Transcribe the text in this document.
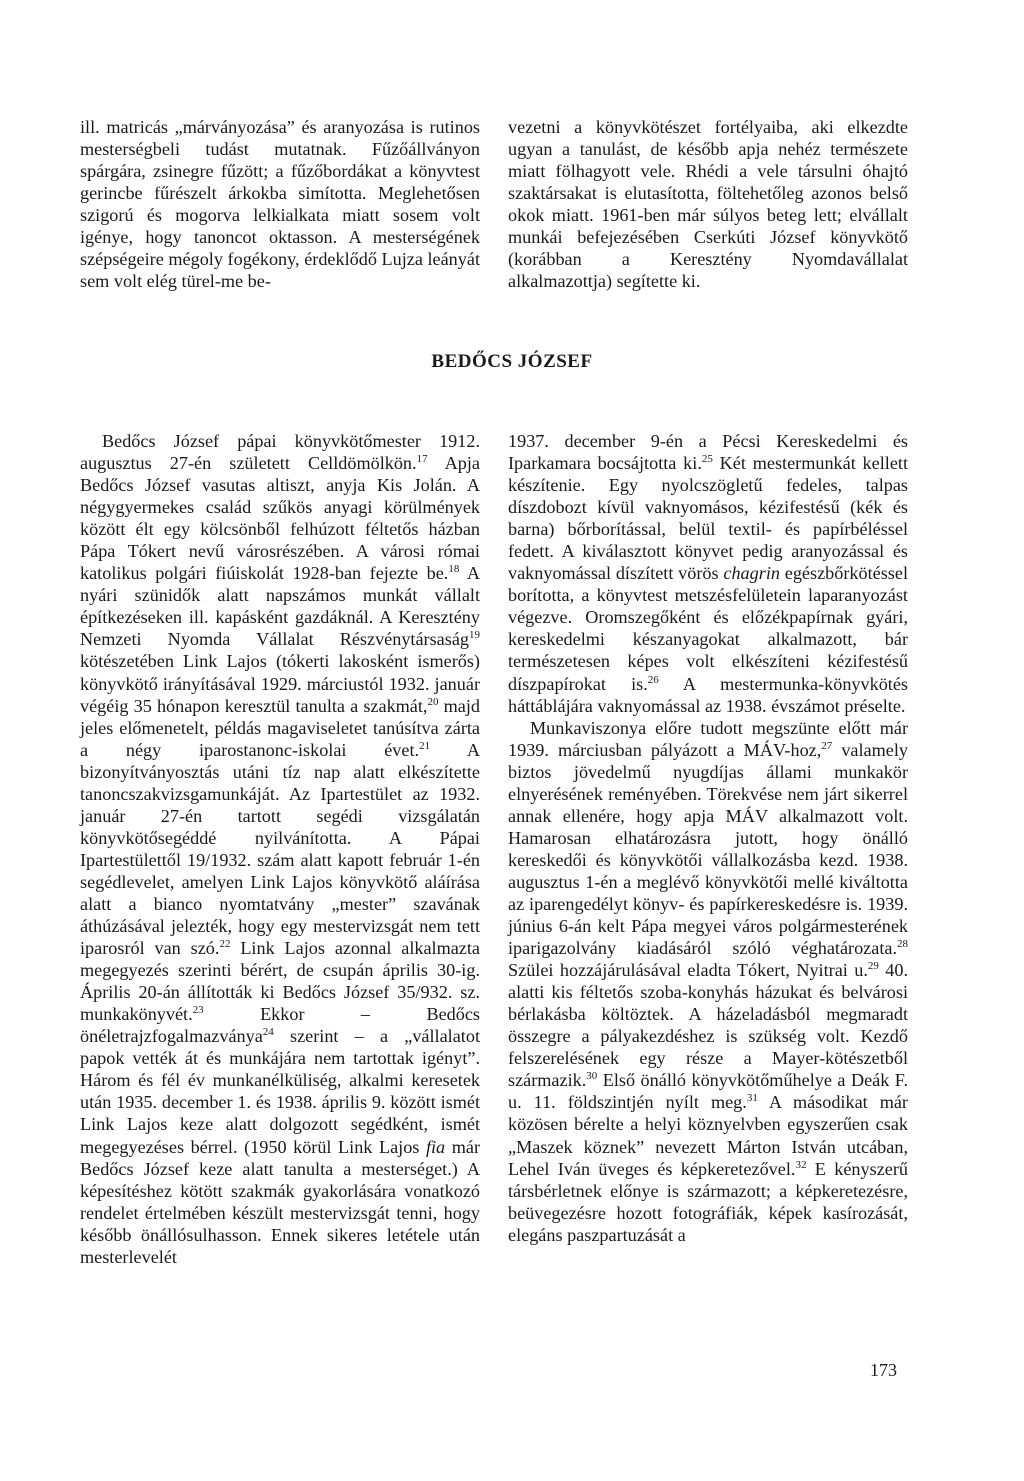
ill. matricás „márványozása” és aranyozása is rutinos mesterségbeli tudást mutatnak. Fűzőállványon spárgára, zsinegre fűzött; a fűzőbordákat a könyvtest gerincbe fűrészelt árkokba simította. Meglehetősen szigorú és mogorva lelkialkata miatt sosem volt igénye, hogy tanoncot oktasson. A mesterségének szépségeire mégoly fogékony, érdeklődő Lujza leányát sem volt elég türel-me be-

vezetni a könyvkötészet fortélyaiba, aki elkezdte ugyan a tanulást, de később apja nehéz természete miatt fölhagyott vele. Rhédi a vele társulni óhajtó szaktársakat is elutasította, föltehetőleg azonos belső okok miatt. 1961-ben már súlyos beteg lett; elvállalt munkái befejezésében Cserkúti József könyvkötő (korábban a Keresztény Nyomdavállalat alkalmazottja) segítette ki.

BEDŐCS JÓZSEF

Bedőcs József pápai könyvkötőmester 1912. augusztus 27-én született Celldömölkön.$^{17}$ Apja Bedőcs József vasutas altiszt, anyja Kis Jolán. A négygyermekes család szűkös anyagi körülmények között élt egy kölcsönből felhúzott féltetős házban Pápa Tókert nevű városrészében. A városi római katolikus polgári fiúiskolát 1928-ban fejezte be.$^{18}$ A nyári szünidők alatt napszámos munkát vállalt építkezéseken ill. kapásként gazdáknál. A Keresztény Nemzeti Nyomda Vállalat Részvénytársaság$^{19}$ kötészetében Link Lajos (tókerti lakosként ismerős) könyvkötő irányításával 1929. márciustól 1932. január végéig 35 hónapon keresztül tanulta a szakmát,$^{20}$ majd jeles előmenetelt, példás magaviseletet tanúsítva zárta a négy iparostanonc-iskolai évet.$^{21}$ A bizonyítványosztás utáni tíz nap alatt elkészítette tanoncszakvizsgamunkáját. Az Ipartestület az 1932. január 27-én tartott segédi vizsgálatán könyvkötősegéddé nyilvánította. A Pápai Ipartestülettől 19/1932. szám alatt kapott február 1-én segédlevelet, amelyen Link Lajos könyvkötő aláírása alatt a bianco nyomtatvány „mester” szavának áthúzásával jelezték, hogy egy mestervizsgát nem tett iparosról van szó.$^{22}$ Link Lajos azonnal alkalmazta megegyezés szerinti bérért, de csupán április 30-ig. Április 20-án állították ki Bedőcs József 35/932. sz. munkakönyvét.$^{23}$ Ekkor – Bedőcs önéletrajzfogalmazványa$^{24}$ szerint – a „vállalatot papok vették át és munkájára nem tartottak igényt”. Három és fél év munkanélküliség, alkalmi keresetek után 1935. december 1. és 1938. április 9. között ismét Link Lajos keze alatt dolgozott segédként, ismét megegyezéses bérrel. (1950 körül Link Lajos fia már Bedőcs József keze alatt tanulta a mesterséget.) A képesítéshez kötött szakmák gyakorlására vonatkozó rendelet értelmében készült mestervizsgát tenni, hogy később önállósulhasson. Ennek sikeres letétele után mesterlevelét

1937. december 9-én a Pécsi Kereskedelmi és Iparkamara bocsájtotta ki.$^{25}$ Két mestermunkát kellett készítenie. Egy nyolcszögletű fedeles, talpas díszdobozt kívül vaknyomásos, kézifestésű (kék és barna) bőrborítással, belül textil- és papírbéléssel fedett. A kiválasztott könyvet pedig aranyozással és vaknyomással díszített vörös chagrin egészbőrkötéssel borította, a könyvtest metszésfelületein laparanyozást végezve. Oromszegőként és előzékpapírnak gyári, kereskedelmi készanyagokat alkalmazott, bár természetesen képes volt elkészíteni kézifestésű díszpapírokat is.$^{26}$ A mestermunka-könyvkötés háttáblájára vaknyomással az 1938. évszámot préselte.

Munkaviszonya előre tudott megszünte előtt már 1939. márciusban pályázott a MÁV-hoz,$^{27}$ valamely biztos jövedelmű nyugdíjas állami munkakör elnyerésének reményében. Törekvése nem járt sikerrel annak ellenére, hogy apja MÁV alkalmazott volt. Hamarosan elhatározásra jutott, hogy önálló kereskedői és könyvkötői vállalkozásba kezd. 1938. augusztus 1-én a meglévő könyvkötői mellé kiváltotta az iparengedélyt könyv- és papírkereskedésre is. 1939. június 6-án kelt Pápa megyei város polgármesterének iparigazolvány kiadásáról szóló véghatározata.$^{28}$ Szülei hozzájárulásával eladta Tókert, Nyitrai u.$^{29}$ 40. alatti kis féltetős szoba-konyhás házukat és belvárosi bérlakásba költöztek. A házeladásból megmaradt összegre a pályakezdéshez is szükség volt. Kezdő felszerelésének egy része a Mayer-kötészetből származik.$^{30}$ Első önálló könyvkötőműhelye a Deák F. u. 11. földszintjén nyílt meg.$^{31}$ A másodikat már közösen bérelte a helyi köznyelvben egyszerűen csak „Maszek köznek” nevezett Márton István utcában, Lehel Iván üveges és képkeretezővel.$^{32}$ E kényszerű társbérletnek előnye is származott; a képkeretezésre, beüvegezésre hozott fotográfiák, képek kasírozását, elegáns paszpartuzását a

173
